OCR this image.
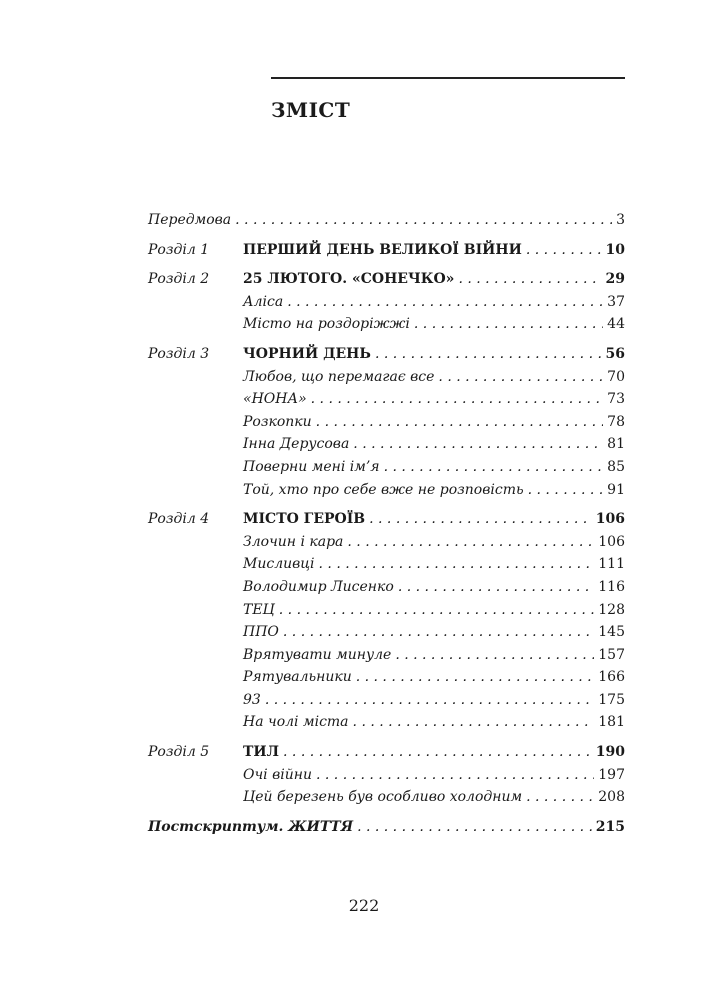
ЗМІСТ
Передмова . . .	3
Розділ 1	ПЕРШИЙ ДЕНЬ ВЕЛИКОЇ ВІЙНИ . . .	10
Розділ 2	25 ЛЮТОГО. «СОНЕЧКО» . . .	29
Аліса . . .	37
Місто на роздоріжжі . . .	44
Розділ 3	ЧОРНИЙ ДЕНЬ . . .	56
Любов, що перемагає все . . .	70
«НОНА» . . .	73
Розкопки . . .	78
Інна Дерусова . . .	81
Поверни мені ім’я . . .	85
Той, хто про себе вже не розповість . . .	91
Розділ 4	МІСТО ГЕРОЇВ . . .	106
Злочин і кара . . .	106
Мисливці . . .	111
Володимир Лисенко . . .	116
ТЕЦ . . .	128
ППО . . .	145
Врятувати минуле . . .	157
Рятувальники . . .	166
93 . . .	175
На чолі міста . . .	181
Розділ 5	ТИЛ . . .	190
Очі війни . . .	197
Цей березень був особливо холодним . . .	208
Постскриптум. ЖИТТЯ . . .	215
222
